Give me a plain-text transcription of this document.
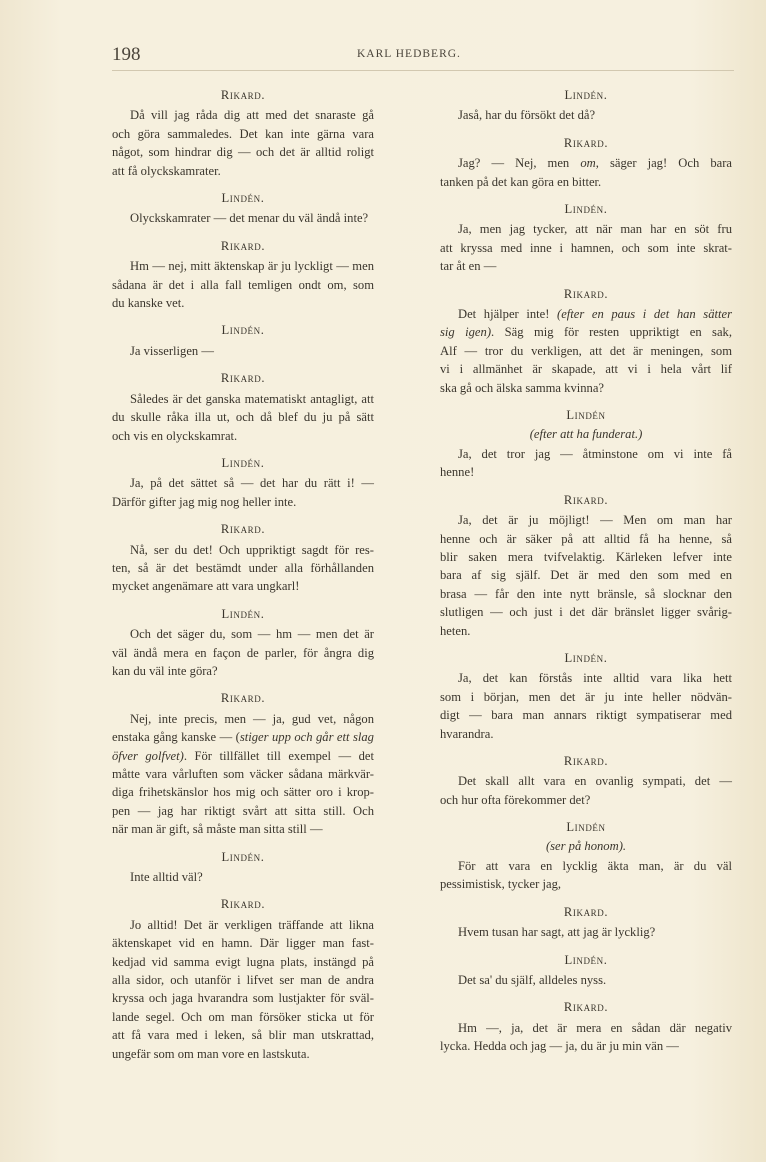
198	KARL HEDBERG.
Rikard.
Då vill jag råda dig att med det snaraste gå
och göra sammaledes. Det kan inte gärna vara
något, som hindrar dig — och det är alltid roligt
att få olyckskamrater.
Lindén.
Olyckskamrater — det menar du väl ändå inte?
Rikard.
Hm — nej, mitt äktenskap är ju lyckligt — men
sådana är det i alla fall temligen ondt om, som
du kanske vet.
Lindén.
Ja visserligen —
Rikard.
Således är det ganska matematiskt antagligt, att
du skulle råka illa ut, och då blef du ju på sätt
och vis en olyckskamrat.
Lindén.
Ja, på det sättet så — det har du rätt i! —
Därför gifter jag mig nog heller inte.
Rikard.
Nå, ser du det! Och uppriktigt sagdt för res-
ten, så är det bestämdt under alla förhållanden
mycket angenämare att vara ungkarl!
Lindén.
Och det säger du, som — hm — men det är
väl ändå mera en façon de parler, för ångra dig
kan du väl inte göra?
Rikard.
Nej, inte precis, men — ja, gud vet, någon
enstaka gång kanske — (stiger upp och går ett slag
öfver golfvet). För tillfället till exempel — det
måtte vara vårluften som väcker sådana märkvär-
diga frihetskänslor hos mig och sätter oro i krop-
pen — jag har riktigt svårt att sitta still. Och
när man är gift, så måste man sitta still —
Lindén.
Inte alltid väl?
Rikard.
Jo alltid! Det är verkligen träffande att likna
äktenskapet vid en hamn. Där ligger man fast-
kedjad vid samma evigt lugna plats, instängd på
alla sidor, och utanför i lifvet ser man de andra
kryssa och jaga hvarandra som lustjakter för sväl-
lande segel. Och om man försöker sticka ut för
att få vara med i leken, så blir man utskrattad,
ungefär som om man vore en lastskuta.
Lindén.
Jaså, har du försökt det då?
Rikard.
Jag? — Nej, men om, säger jag! Och bara
tanken på det kan göra en bitter.
Lindén.
Ja, men jag tycker, att när man har en söt fru
att kryssa med inne i hamnen, och som inte skrat-
tar åt en —
Rikard.
Det hjälper inte! (efter en paus i det han sätter
sig igen). Säg mig för resten uppriktigt en sak,
Alf — tror du verkligen, att det är meningen, som
vi i allmänhet är skapade, att vi i hela vårt lif
ska gå och älska samma kvinna?
Lindén
(efter att ha funderat.)
Ja, det tror jag — åtminstone om vi inte få
henne!
Rikard.
Ja, det är ju möjligt! — Men om man har
henne och är säker på att alltid få ha henne, så
blir saken mera tvifvelaktig. Kärleken lefver inte
bara af sig själf. Det är med den som med en
brasa — får den inte nytt bränsle, så slocknar den
slutligen — och just i det där bränslet ligger svårig-
heten.
Lindén.
Ja, det kan förstås inte alltid vara lika hett
som i början, men det är ju inte heller nödvän-
digt — bara man annars riktigt sympatiserar med
hvarandra.
Rikard.
Det skall allt vara en ovanlig sympati, det —
och hur ofta förekommer det?
Lindén
(ser på honom).
För att vara en lycklig äkta man, är du väl
pessimistisk, tycker jag,
Rikard.
Hvem tusan har sagt, att jag är lycklig?
Lindén.
Det sa' du själf, alldeles nyss.
Rikard.
Hm —, ja, det är mera en sådan där negativ
lycka. Hedda och jag — ja, du är ju min vän —
